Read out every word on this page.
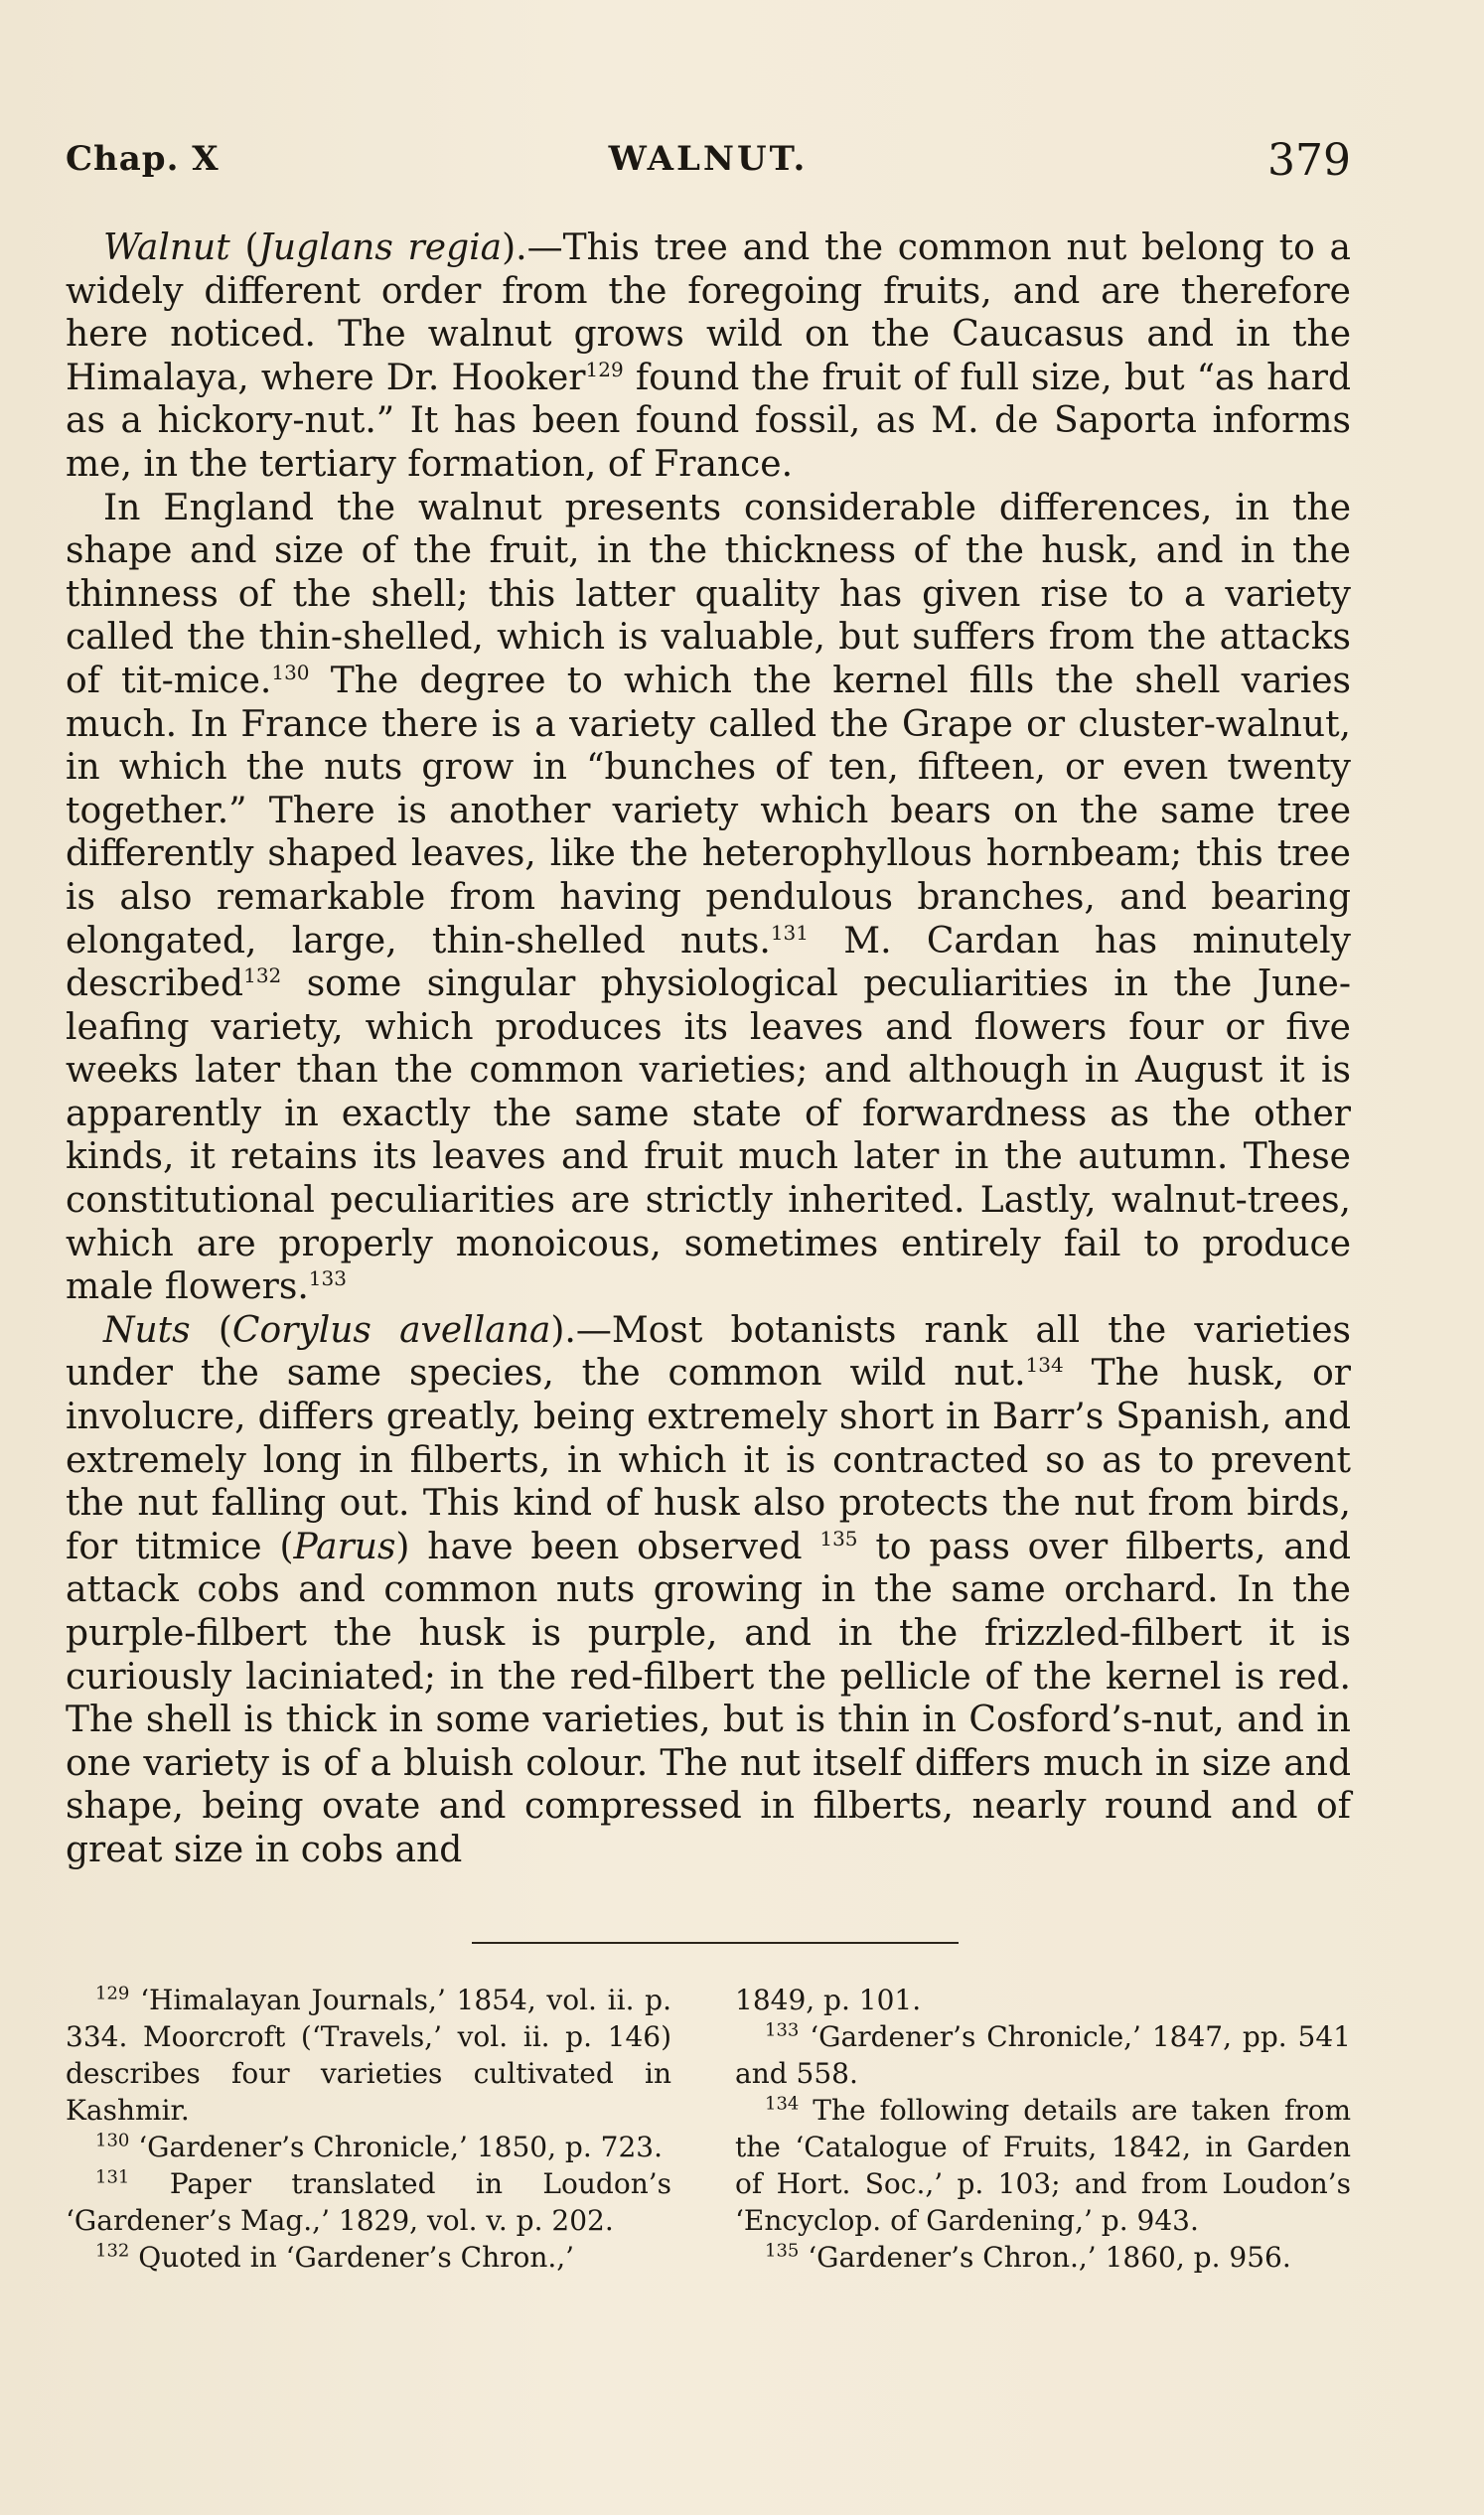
Chap. X	WALNUT.	379

Walnut (Juglans regia).—This tree and the common nut belong to a widely different order from the foregoing fruits, and are therefore here noticed. The walnut grows wild on the Caucasus and in the Himalaya, where Dr. Hooker$^{129}$ found the fruit of full size, but “as hard as a hickory-nut.” It has been found fossil, as M. de Saporta informs me, in the tertiary formation, of France.

In England the walnut presents considerable differences, in the shape and size of the fruit, in the thickness of the husk, and in the thinness of the shell; this latter quality has given rise to a variety called the thin-shelled, which is valuable, but suffers from the attacks of tit-mice.$^{130}$ The degree to which the kernel fills the shell varies much. In France there is a variety called the Grape or cluster-walnut, in which the nuts grow in “bunches of ten, fifteen, or even twenty together.” There is another variety which bears on the same tree differently shaped leaves, like the heterophyllous hornbeam; this tree is also remarkable from having pendulous branches, and bearing elongated, large, thin-shelled nuts.$^{131}$ M. Cardan has minutely described$^{132}$ some singular physiological peculiarities in the June-leafing variety, which produces its leaves and flowers four or five weeks later than the common varieties; and although in August it is apparently in exactly the same state of forwardness as the other kinds, it retains its leaves and fruit much later in the autumn. These constitutional peculiarities are strictly inherited. Lastly, walnut-trees, which are properly monoicous, sometimes entirely fail to produce male flowers.$^{133}$

Nuts (Corylus avellana).—Most botanists rank all the varieties under the same species, the common wild nut.$^{134}$ The husk, or involucre, differs greatly, being extremely short in Barr’s Spanish, and extremely long in filberts, in which it is contracted so as to prevent the nut falling out. This kind of husk also protects the nut from birds, for titmice (Parus) have been observed $^{135}$ to pass over filberts, and attack cobs and common nuts growing in the same orchard. In the purple-filbert the husk is purple, and in the frizzled-filbert it is curiously laciniated; in the red-filbert the pellicle of the kernel is red. The shell is thick in some varieties, but is thin in Cosford’s-nut, and in one variety is of a bluish colour. The nut itself differs much in size and shape, being ovate and compressed in filberts, nearly round and of great size in cobs and

$^{129}$ ‘Himalayan Journals,’ 1854, vol. ii. p. 334. Moorcroft (‘Travels,’ vol. ii. p. 146) describes four varieties cultivated in Kashmir.

$^{130}$ ‘Gardener’s Chronicle,’ 1850, p. 723.

$^{131}$ Paper translated in Loudon’s ‘Gardener’s Mag.,’ 1829, vol. v. p. 202.

$^{132}$ Quoted in ‘Gardener’s Chron.,’

1849, p. 101.

$^{133}$ ‘Gardener’s Chronicle,’ 1847, pp. 541 and 558.

$^{134}$ The following details are taken from the ‘Catalogue of Fruits, 1842, in Garden of Hort. Soc.,’ p. 103; and from Loudon’s ‘Encyclop. of Gardening,’ p. 943.

$^{135}$ ‘Gardener’s Chron.,’ 1860, p. 956.
